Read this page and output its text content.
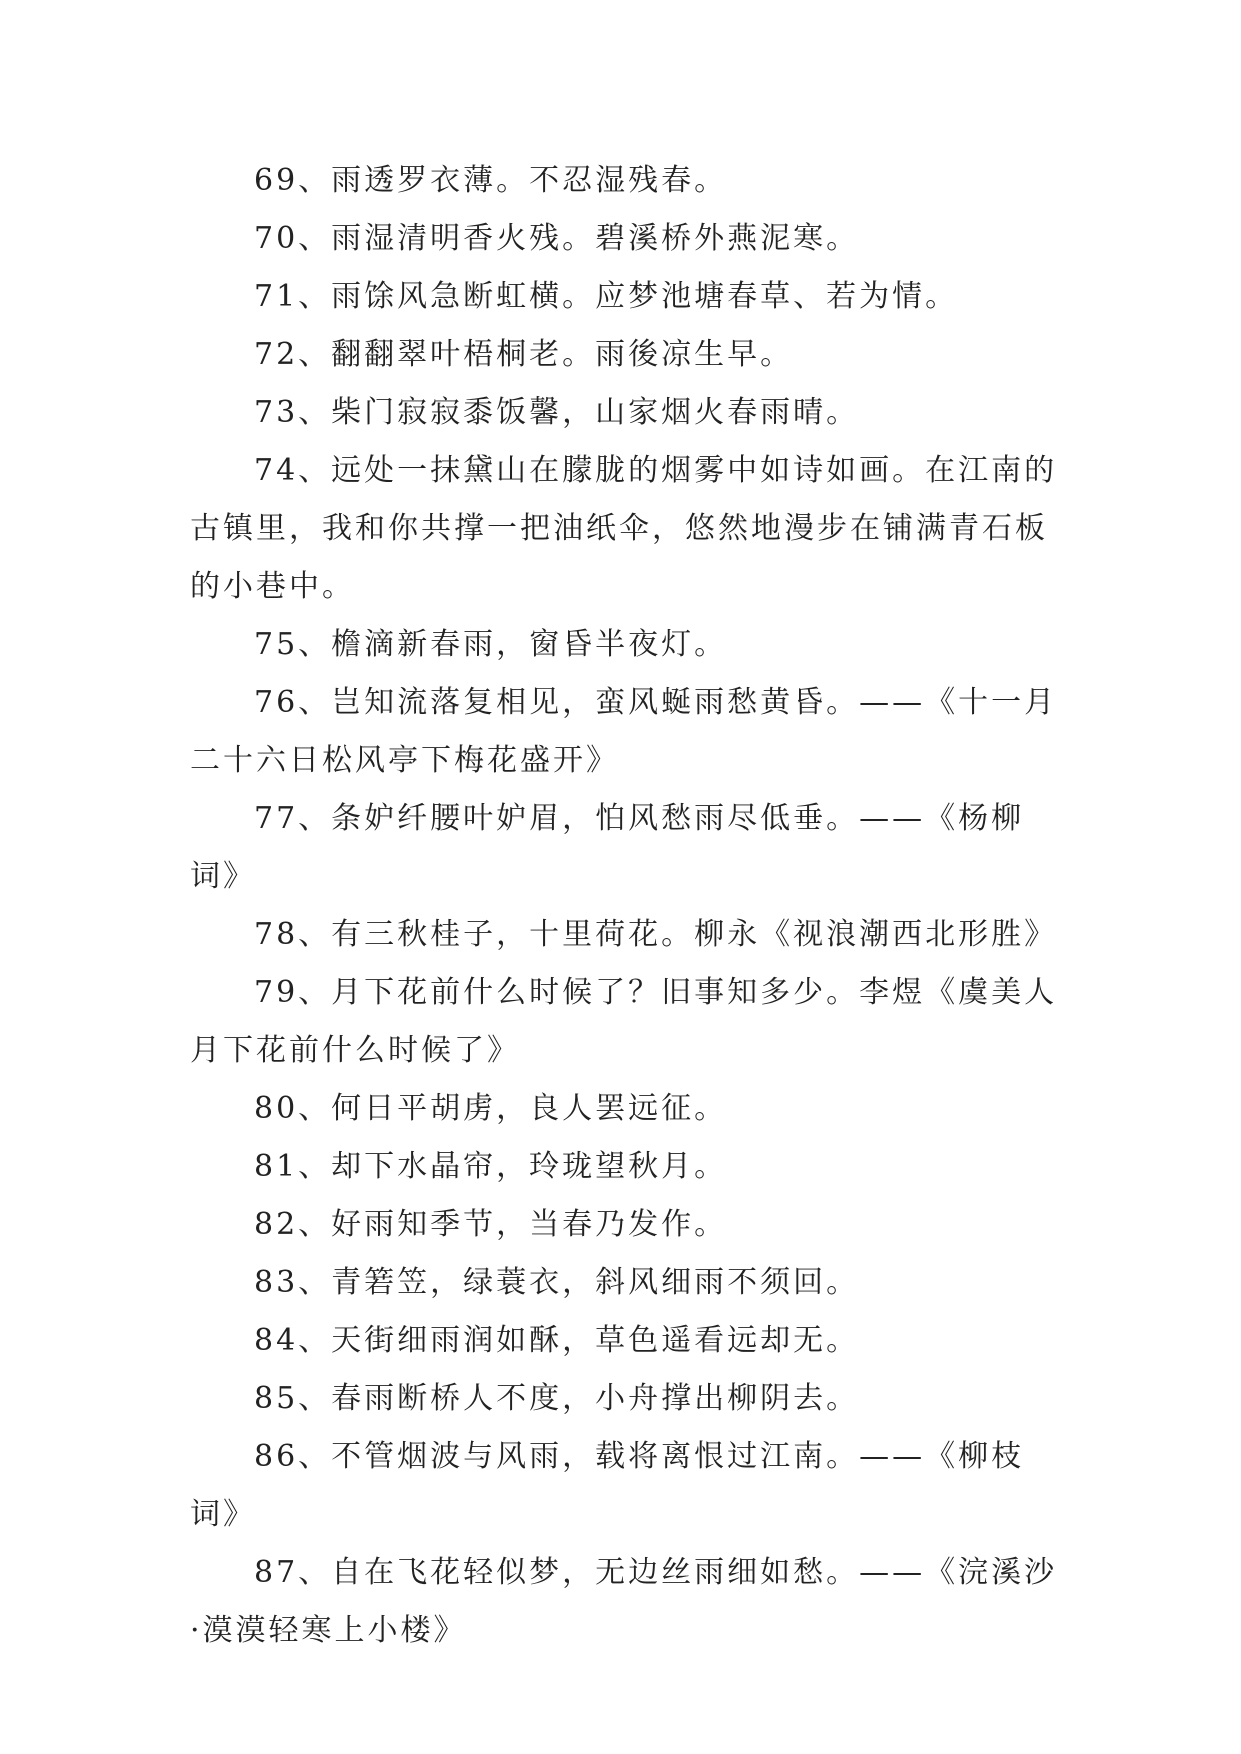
69、雨透罗衣薄。不忍湿残春。

70、雨湿清明香火残。碧溪桥外燕泥寒。

71、雨馀风急断虹横。应梦池塘春草、若为情。

72、翻翻翠叶梧桐老。雨後凉生早。

73、柴门寂寂黍饭馨，山家烟火春雨晴。

74、远处一抹黛山在朦胧的烟雾中如诗如画。在江南的古镇里，我和你共撑一把油纸伞，悠然地漫步在铺满青石板的小巷中。

75、檐滴新春雨，窗昏半夜灯。

76、岂知流落复相见，蛮风蜒雨愁黄昏。——《十一月二十六日松风亭下梅花盛开》

77、条妒纤腰叶妒眉，怕风愁雨尽低垂。——《杨柳词》

78、有三秋桂子，十里荷花。柳永《视浪潮西北形胜》

79、月下花前什么时候了？旧事知多少。李煜《虞美人月下花前什么时候了》

80、何日平胡虏，良人罢远征。

81、却下水晶帘，玲珑望秋月。

82、好雨知季节，当春乃发作。

83、青箬笠，绿蓑衣，斜风细雨不须回。

84、天街细雨润如酥，草色遥看远却无。

85、春雨断桥人不度，小舟撑出柳阴去。

86、不管烟波与风雨，载将离恨过江南。——《柳枝词》

87、自在飞花轻似梦，无边丝雨细如愁。——《浣溪沙·漠漠轻寒上小楼》
